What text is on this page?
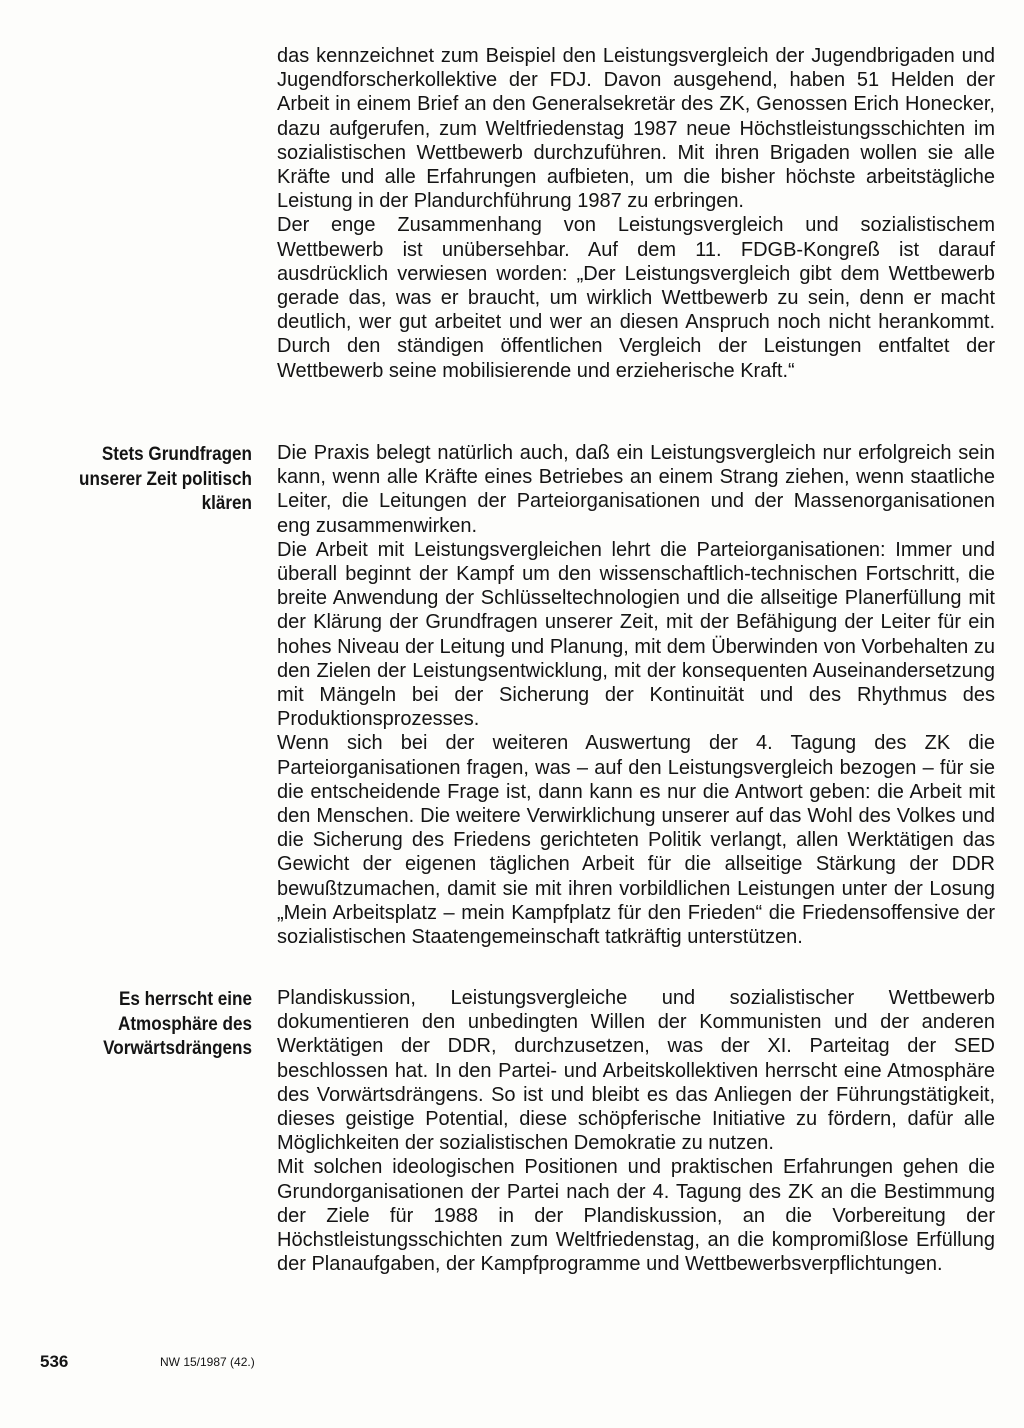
das kennzeichnet zum Beispiel den Leistungsvergleich der Jugendbrigaden und Jugendforscherkollektive der FDJ. Davon ausgehend, haben 51 Helden der Arbeit in einem Brief an den Generalsekretär des ZK, Genossen Erich Honecker, dazu aufgerufen, zum Weltfriedenstag 1987 neue Höchstleistungsschichten im sozialistischen Wettbewerb durchzuführen. Mit ihren Brigaden wollen sie alle Kräfte und alle Erfahrungen aufbieten, um die bisher höchste arbeitstägliche Leistung in der Plandurchführung 1987 zu erbringen.

Der enge Zusammenhang von Leistungsvergleich und sozialistischem Wettbewerb ist unübersehbar. Auf dem 11. FDGB-Kongreß ist darauf ausdrücklich verwiesen worden: „Der Leistungsvergleich gibt dem Wettbewerb gerade das, was er braucht, um wirklich Wettbewerb zu sein, denn er macht deutlich, wer gut arbeitet und wer an diesen Anspruch noch nicht herankommt. Durch den ständigen öffentlichen Vergleich der Leistungen entfaltet der Wettbewerb seine mobilisierende und erzieherische Kraft.“

Stets Grundfragen unserer Zeit politisch klären

Die Praxis belegt natürlich auch, daß ein Leistungsvergleich nur erfolgreich sein kann, wenn alle Kräfte eines Betriebes an einem Strang ziehen, wenn staatliche Leiter, die Leitungen der Parteiorganisationen und der Massenorganisationen eng zusammenwirken.

Die Arbeit mit Leistungsvergleichen lehrt die Parteiorganisationen: Immer und überall beginnt der Kampf um den wissenschaftlich-technischen Fortschritt, die breite Anwendung der Schlüsseltechnologien und die allseitige Planerfüllung mit der Klärung der Grundfragen unserer Zeit, mit der Befähigung der Leiter für ein hohes Niveau der Leitung und Planung, mit dem Überwinden von Vorbehalten zu den Zielen der Leistungsentwicklung, mit der konsequenten Auseinandersetzung mit Mängeln bei der Sicherung der Kontinuität und des Rhythmus des Produktionsprozesses.

Wenn sich bei der weiteren Auswertung der 4. Tagung des ZK die Parteiorganisationen fragen, was – auf den Leistungsvergleich bezogen – für sie die entscheidende Frage ist, dann kann es nur die Antwort geben: die Arbeit mit den Menschen. Die weitere Verwirklichung unserer auf das Wohl des Volkes und die Sicherung des Friedens gerichteten Politik verlangt, allen Werktätigen das Gewicht der eigenen täglichen Arbeit für die allseitige Stärkung der DDR bewußtzumachen, damit sie mit ihren vorbildlichen Leistungen unter der Losung „Mein Arbeitsplatz – mein Kampfplatz für den Frieden“ die Friedensoffensive der sozialistischen Staatengemeinschaft tatkräftig unterstützen.

Es herrscht eine Atmosphäre des Vorwärtsdrängens

Plandiskussion, Leistungsvergleiche und sozialistischer Wettbewerb dokumentieren den unbedingten Willen der Kommunisten und der anderen Werktätigen der DDR, durchzusetzen, was der XI. Parteitag der SED beschlossen hat. In den Partei- und Arbeitskollektiven herrscht eine Atmosphäre des Vorwärtsdrängens. So ist und bleibt es das Anliegen der Führungstätigkeit, dieses geistige Potential, diese schöpferische Initiative zu fördern, dafür alle Möglichkeiten der sozialistischen Demokratie zu nutzen.

Mit solchen ideologischen Positionen und praktischen Erfahrungen gehen die Grundorganisationen der Partei nach der 4. Tagung des ZK an die Bestimmung der Ziele für 1988 in der Plandiskussion, an die Vorbereitung der Höchstleistungsschichten zum Weltfriedenstag, an die kompromißlose Erfüllung der Planaufgaben, der Kampfprogramme und Wettbewerbsverpflichtungen.

536	NW 15/1987 (42.)
